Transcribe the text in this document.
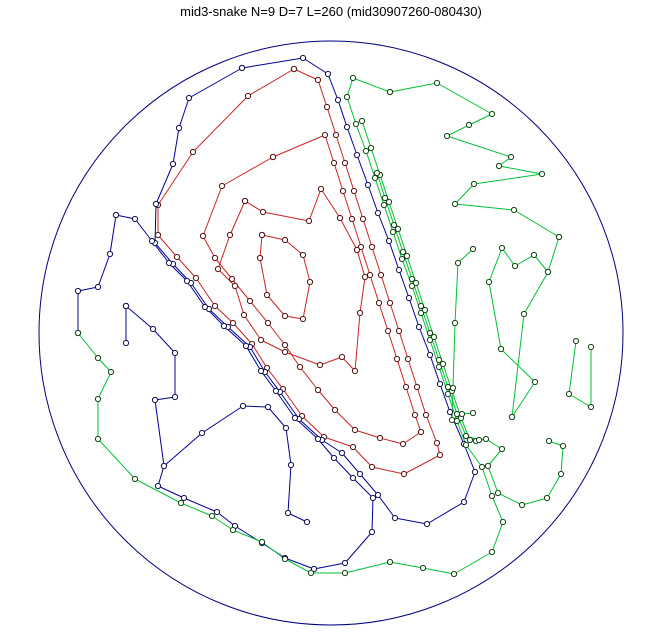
mid3-snake N=9 D=7 L=260 (mid30907260-080430)
